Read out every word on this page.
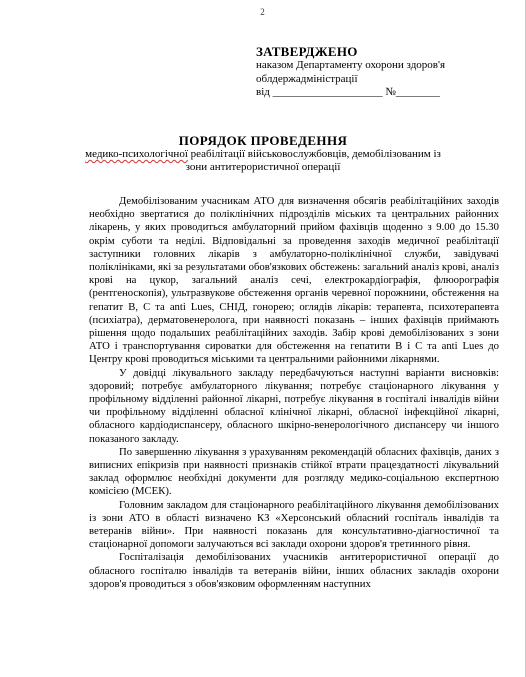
2
ЗАТВЕРДЖЕНО
наказом Департаменту охорони здоров'я
облдержадміністрації
від ____________________ №________
ПОРЯДОК ПРОВЕДЕННЯ
медико-психологічної реабілітації військовослужбовців, демобілізованим із
зони антитерористичної операції

Демобілізованим учасникам АТО для визначення обсягів реабілітаційних заходів необхідно звертатися до поліклінічних підрозділів міських та центральних районних лікарень, у яких проводиться амбулаторний прийом фахівців щоденно з 9.00 до 15.30 окрім суботи та неділі. Відповідальні за проведення заходів медичної реабілітації заступники головних лікарів з амбулаторно-поліклінічної служби, завідувачі поліклініками, які за результатами обов'язкових обстежень: загальний аналіз крові, аналіз крові на цукор, загальний аналіз сечі, електрокардіографія, флюорографія (рентгеноскопія), ультразвукове обстеження органів черевної порожнини, обстеження на гепатит В, С та anti Lues, СНІД, гонорею; оглядів лікарів: терапевта, психотерапевта (психіатра), дерматовенеролога, при наявності показань – інших фахівців приймають рішення щодо подальших реабілітаційних заходів. Забір крові демобілізованих з зони АТО і транспортування сироватки для обстеження на гепатити В і С та anti Lues до Центру крові проводиться міськими та центральними районними лікарнями.

У довідці лікувального закладу передбачуються наступні варіанти висновків: здоровий; потребує амбулаторного лікування; потребує стаціонарного лікування у профільному відділенні районної лікарні, потребує лікування в госпіталі інвалідів війни чи профільному відділенні обласної клінічної лікарні, обласної інфекційної лікарні, обласного кардіодиспансеру, обласного шкірно-венерологічного диспансеру чи іншого показаного закладу.

По завершенню лікування з урахуванням рекомендацій обласних фахівців, даних з виписних епікризів при наявності признаків стійкої втрати працездатності лікувальний заклад оформлює необхідні документи для розгляду медико-соціальною експертною комісією (МСЕК).

Головним закладом для стаціонарного реабілітаційного лікування демобілізованих із зони АТО в області визначено КЗ «Херсонський обласний госпіталь інвалідів та ветеранів війни». При наявності показань для консультативно-діагностичної та стаціонарної допомоги залучаються всі заклади охорони здоров'я третинного рівня.

Госпіталізація демобілізованих учасників антитерористичної операції до обласного госпіталю інвалідів та ветеранів війни, інших обласних закладів охорони здоров'я проводиться з обов'язковим оформленням наступних
